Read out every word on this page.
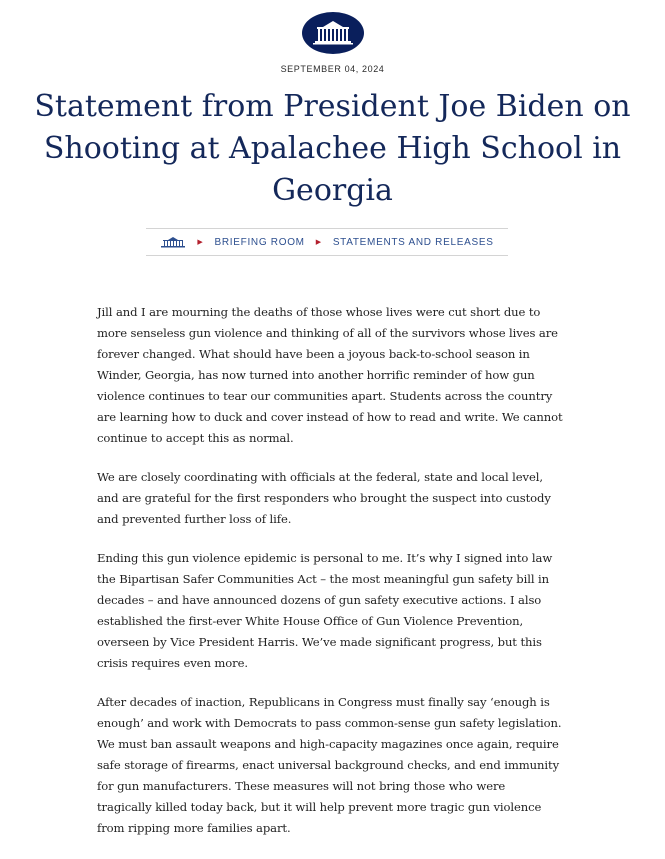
SEPTEMBER 04, 2024
Statement from President Joe Biden on Shooting at Apalachee High School in Georgia
▶ BRIEFING ROOM ▶ STATEMENTS AND RELEASES

Jill and I are mourning the deaths of those whose lives were cut short due to more senseless gun violence and thinking of all of the survivors whose lives are forever changed. What should have been a joyous back-to-school season in Winder, Georgia, has now turned into another horrific reminder of how gun violence continues to tear our communities apart. Students across the country are learning how to duck and cover instead of how to read and write. We cannot continue to accept this as normal.

We are closely coordinating with officials at the federal, state and local level, and are grateful for the first responders who brought the suspect into custody and prevented further loss of life.

Ending this gun violence epidemic is personal to me. It’s why I signed into law the Bipartisan Safer Communities Act – the most meaningful gun safety bill in decades – and have announced dozens of gun safety executive actions. I also established the first-ever White House Office of Gun Violence Prevention, overseen by Vice President Harris. We’ve made significant progress, but this crisis requires even more.

After decades of inaction, Republicans in Congress must finally say ‘enough is enough’ and work with Democrats to pass common-sense gun safety legislation. We must ban assault weapons and high-capacity magazines once again, require safe storage of firearms, enact universal background checks, and end immunity for gun manufacturers. These measures will not bring those who were tragically killed today back, but it will help prevent more tragic gun violence from ripping more families apart.
